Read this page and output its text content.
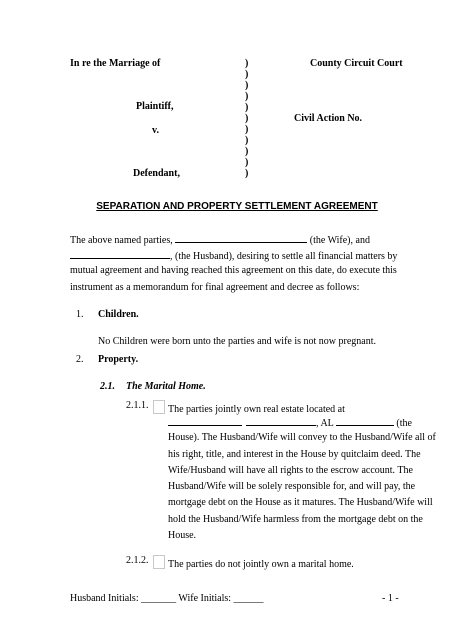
In re the Marriage of
Plaintiff,
v.
Defendant,
County Circuit Court
Civil Action No.
)
)
)
)
)
)
)
)
)
)
)
SEPARATION AND PROPERTY SETTLEMENT AGREEMENT
The above named parties,	(the Wife), and
, (the Husband), desiring to settle all financial matters by
mutual agreement and having reached this agreement on this date, do execute this
instrument as a memorandum for final agreement and decree as follows:
1. Children.
No Children were born unto the parties and wife is not now pregnant.
2. Property.
2.1. The Marital Home.
2.1.1.	The parties jointly own real estate located at
, AL	(the
House). The Husband/Wife will convey to the Husband/Wife all of
his right, title, and interest in the House by quitclaim deed. The
Wife/Husband will have all rights to the escrow account. The
Husband/Wife will be solely responsible for, and will pay, the
mortgage debt on the House as it matures. The Husband/Wife will
hold the Husband/Wife harmless from the mortgage debt on the
House.
2.1.2.	The parties do not jointly own a marital home.
Husband Initials: _______ Wife Initials: ______	- 1 -
